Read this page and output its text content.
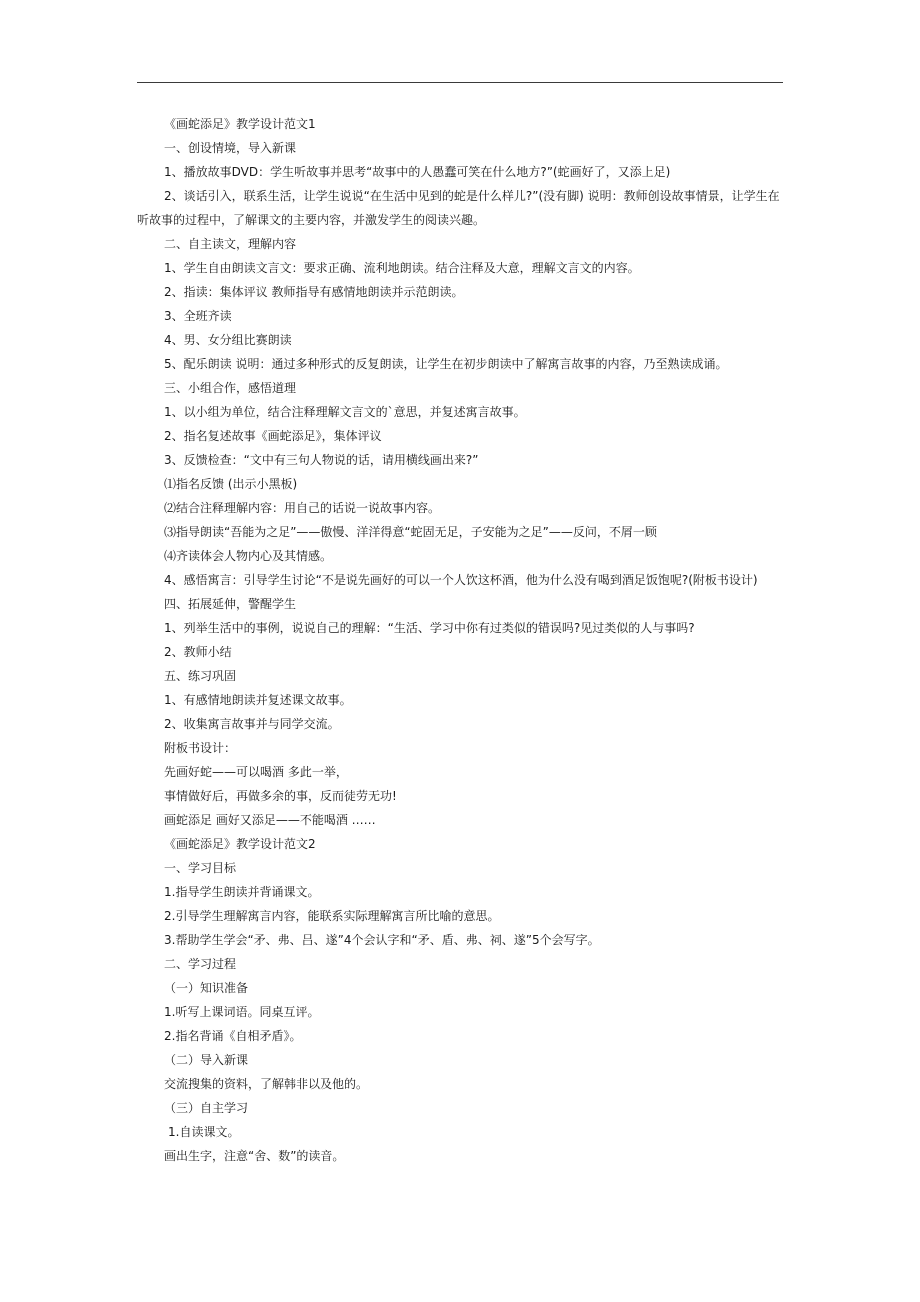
《画蛇添足》教学设计范文1
一、创设情境，导入新课
1、播放故事DVD：学生听故事并思考“故事中的人愚蠢可笑在什么地方?”(蛇画好了，又添上足)
2、谈话引入，联系生活，让学生说说“在生活中见到的蛇是什么样儿?”(没有脚) 说明：教师创设故事情景，让学生在听故事的过程中，了解课文的主要内容，并激发学生的阅读兴趣。
二、自主读文，理解内容
1、学生自由朗读文言文：要求正确、流利地朗读。结合注释及大意，理解文言文的内容。
2、指读：集体评议 教师指导有感情地朗读并示范朗读。
3、全班齐读
4、男、女分组比赛朗读
5、配乐朗读 说明：通过多种形式的反复朗读，让学生在初步朗读中了解寓言故事的内容，乃至熟读成诵。
三、小组合作，感悟道理
1、以小组为单位，结合注释理解文言文的`意思，并复述寓言故事。
2、指名复述故事《画蛇添足》，集体评议
3、反馈检查：“文中有三句人物说的话，请用横线画出来?”
⑴指名反馈 (出示小黑板)
⑵结合注释理解内容：用自己的话说一说故事内容。
⑶指导朗读“吾能为之足”——傲慢、洋洋得意“蛇固无足，子安能为之足”——反问，不屑一顾
⑷齐读体会人物内心及其情感。
4、感悟寓言：引导学生讨论“不是说先画好的可以一个人饮这杯酒，他为什么没有喝到酒足饭饱呢?(附板书设计)
四、拓展延伸，警醒学生
1、列举生活中的事例，说说自己的理解：“生活、学习中你有过类似的错误吗?见过类似的人与事吗?
2、教师小结
五、练习巩固
1、有感情地朗读并复述课文故事。
2、收集寓言故事并与同学交流。
附板书设计：
先画好蛇——可以喝酒 多此一举，
事情做好后，再做多余的事，反而徒劳无功!
画蛇添足 画好又添足——不能喝酒 ……
《画蛇添足》教学设计范文2
一、学习目标
1.指导学生朗读并背诵课文。
2.引导学生理解寓言内容，能联系实际理解寓言所比喻的意思。
3.帮助学生学会“矛、弗、吕、遂”4个会认字和“矛、盾、弗、祠、遂”5个会写字。
二、学习过程
（一）知识准备
1.听写上课词语。同桌互评。
2.指名背诵《自相矛盾》。
（二）导入新课
交流搜集的资料，了解韩非以及他的。
（三）自主学习
1.自读课文。
画出生字，注意“舍、数”的读音。
